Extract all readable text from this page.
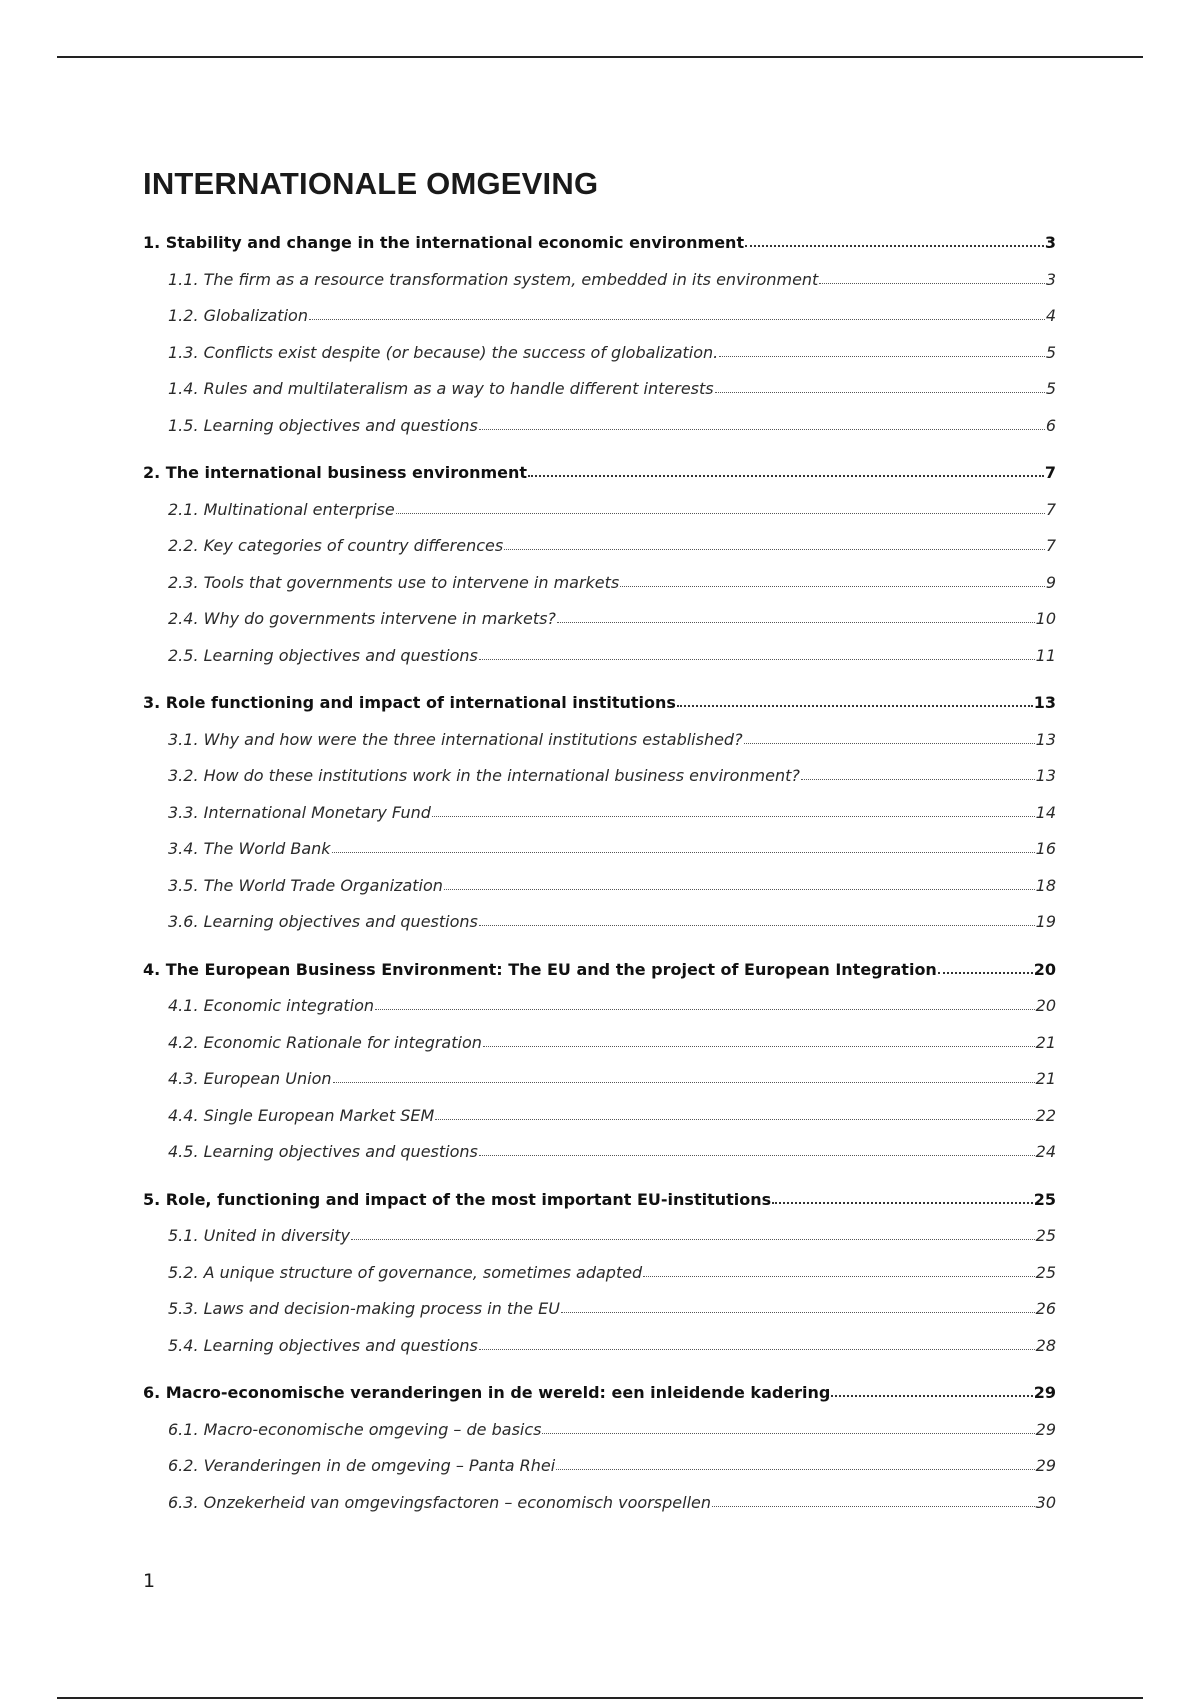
INTERNATIONALE OMGEVING
1. Stability and change in the international economic environment	3
1.1. The firm as a resource transformation system, embedded in its environment	3
1.2. Globalization	4
1.3. Conflicts exist despite (or because) the success of globalization.	5
1.4. Rules and multilateralism as a way to handle different interests	5
1.5. Learning objectives and questions	6
2. The international business environment	7
2.1. Multinational enterprise	7
2.2. Key categories of country differences	7
2.3. Tools that governments use to intervene in markets	9
2.4. Why do governments intervene in markets?	10
2.5. Learning objectives and questions	11
3. Role functioning and impact of international institutions	13
3.1. Why and how were the three international institutions established?	13
3.2. How do these institutions work in the international business environment?	13
3.3. International Monetary Fund	14
3.4. The World Bank	16
3.5. The World Trade Organization	18
3.6. Learning objectives and questions	19
4. The European Business Environment: The EU and the project of European Integration	20
4.1. Economic integration	20
4.2. Economic Rationale for integration	21
4.3. European Union	21
4.4. Single European Market SEM	22
4.5. Learning objectives and questions	24
5. Role, functioning and impact of the most important EU-institutions	25
5.1. United in diversity	25
5.2. A unique structure of governance, sometimes adapted	25
5.3. Laws and decision-making process in the EU	26
5.4. Learning objectives and questions	28
6. Macro-economische veranderingen in de wereld: een inleidende kadering	29
6.1. Macro-economische omgeving – de basics	29
6.2. Veranderingen in de omgeving – Panta Rhei	29
6.3. Onzekerheid van omgevingsfactoren – economisch voorspellen	30
1
